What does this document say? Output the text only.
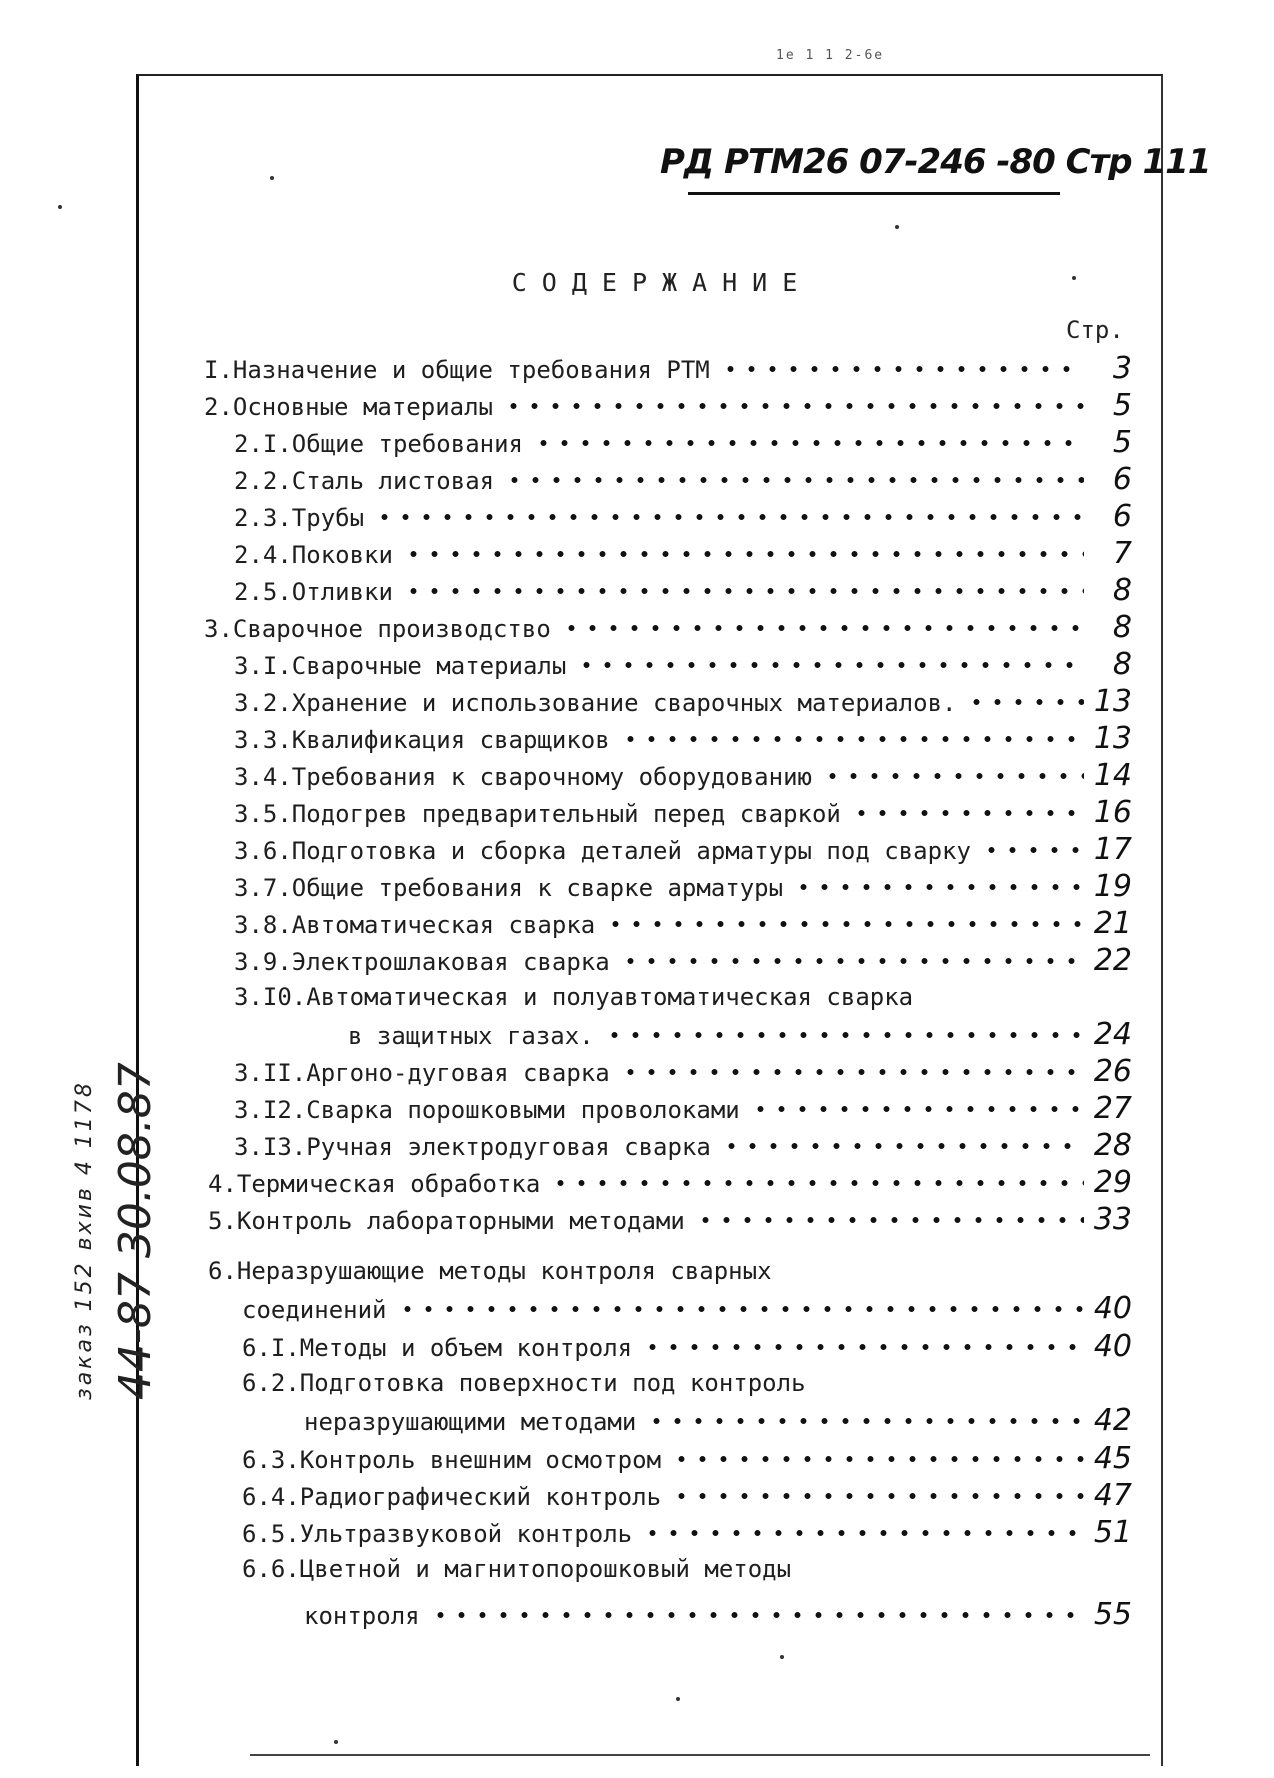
1е 1 1 2-6е
РД РТМ26 07-246 -80 Стр 111
СОДЕРЖАНИЕ
Стр.
I.Назначение и общие требования РТМ	3
2.Основные материалы	5
2.I.Общие требования	5
2.2.Сталь листовая	6
2.3.Трубы	6
2.4.Поковки	7
2.5.Отливки	8
3.Сварочное производство	8
3.I.Сварочные материалы	8
3.2.Хранение и использование сварочных материалов.	13
3.3.Квалификация сварщиков	13
3.4.Требования к сварочному оборудованию	14
3.5.Подогрев предварительный перед сваркой	16
3.6.Подготовка и сборка деталей арматуры под сварку	17
3.7.Общие требования к сварке арматуры	19
3.8.Автоматическая сварка	21
3.9.Электрошлаковая сварка	22
3.I0.Автоматическая и полуавтоматическая сварка
в защитных газах.	24
3.II.Аргоно-дуговая сварка	26
3.I2.Сварка порошковыми проволоками	27
3.I3.Ручная электродуговая сварка	28
4.Термическая обработка	29
5.Контроль лабораторными методами	33
6.Неразрушающие методы контроля сварных
соединений	40
6.I.Методы и объем контроля	40
6.2.Подготовка поверхности под контроль
неразрушающими методами	42
6.3.Контроль внешним осмотром	45
6.4.Радиографический контроль	47
6.5.Ультразвуковой контроль	51
6.6.Цветной и магнитопорошковый методы
контроля	55
заказ 152 вхив 4 1178 44-87 30.08.87
